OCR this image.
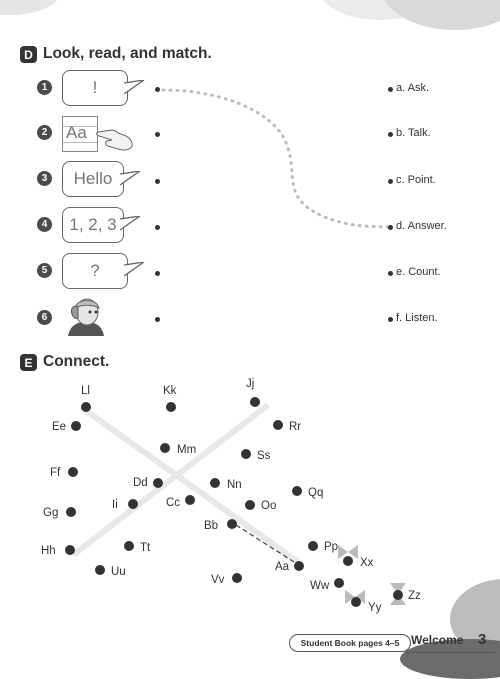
D Look, read, and match.
1	!
2 Aa
3	Hello
4	1, 2, 3
5	?
6
a. Ask.
b. Talk.
c. Point.
d. Answer.
e. Count.
f. Listen.
E Connect.
Ll	Kk
Jj
Ee	Rr
Mm	Ss
Ff
Dd	Nn
Qq
Ii	Cc	Oo
Gg
Bb
Pp
Xx
Hh	Tt
Aa
Uu
Vv	Ww
Zz
Yy
Student Book pages 4–5 Welcome 3
